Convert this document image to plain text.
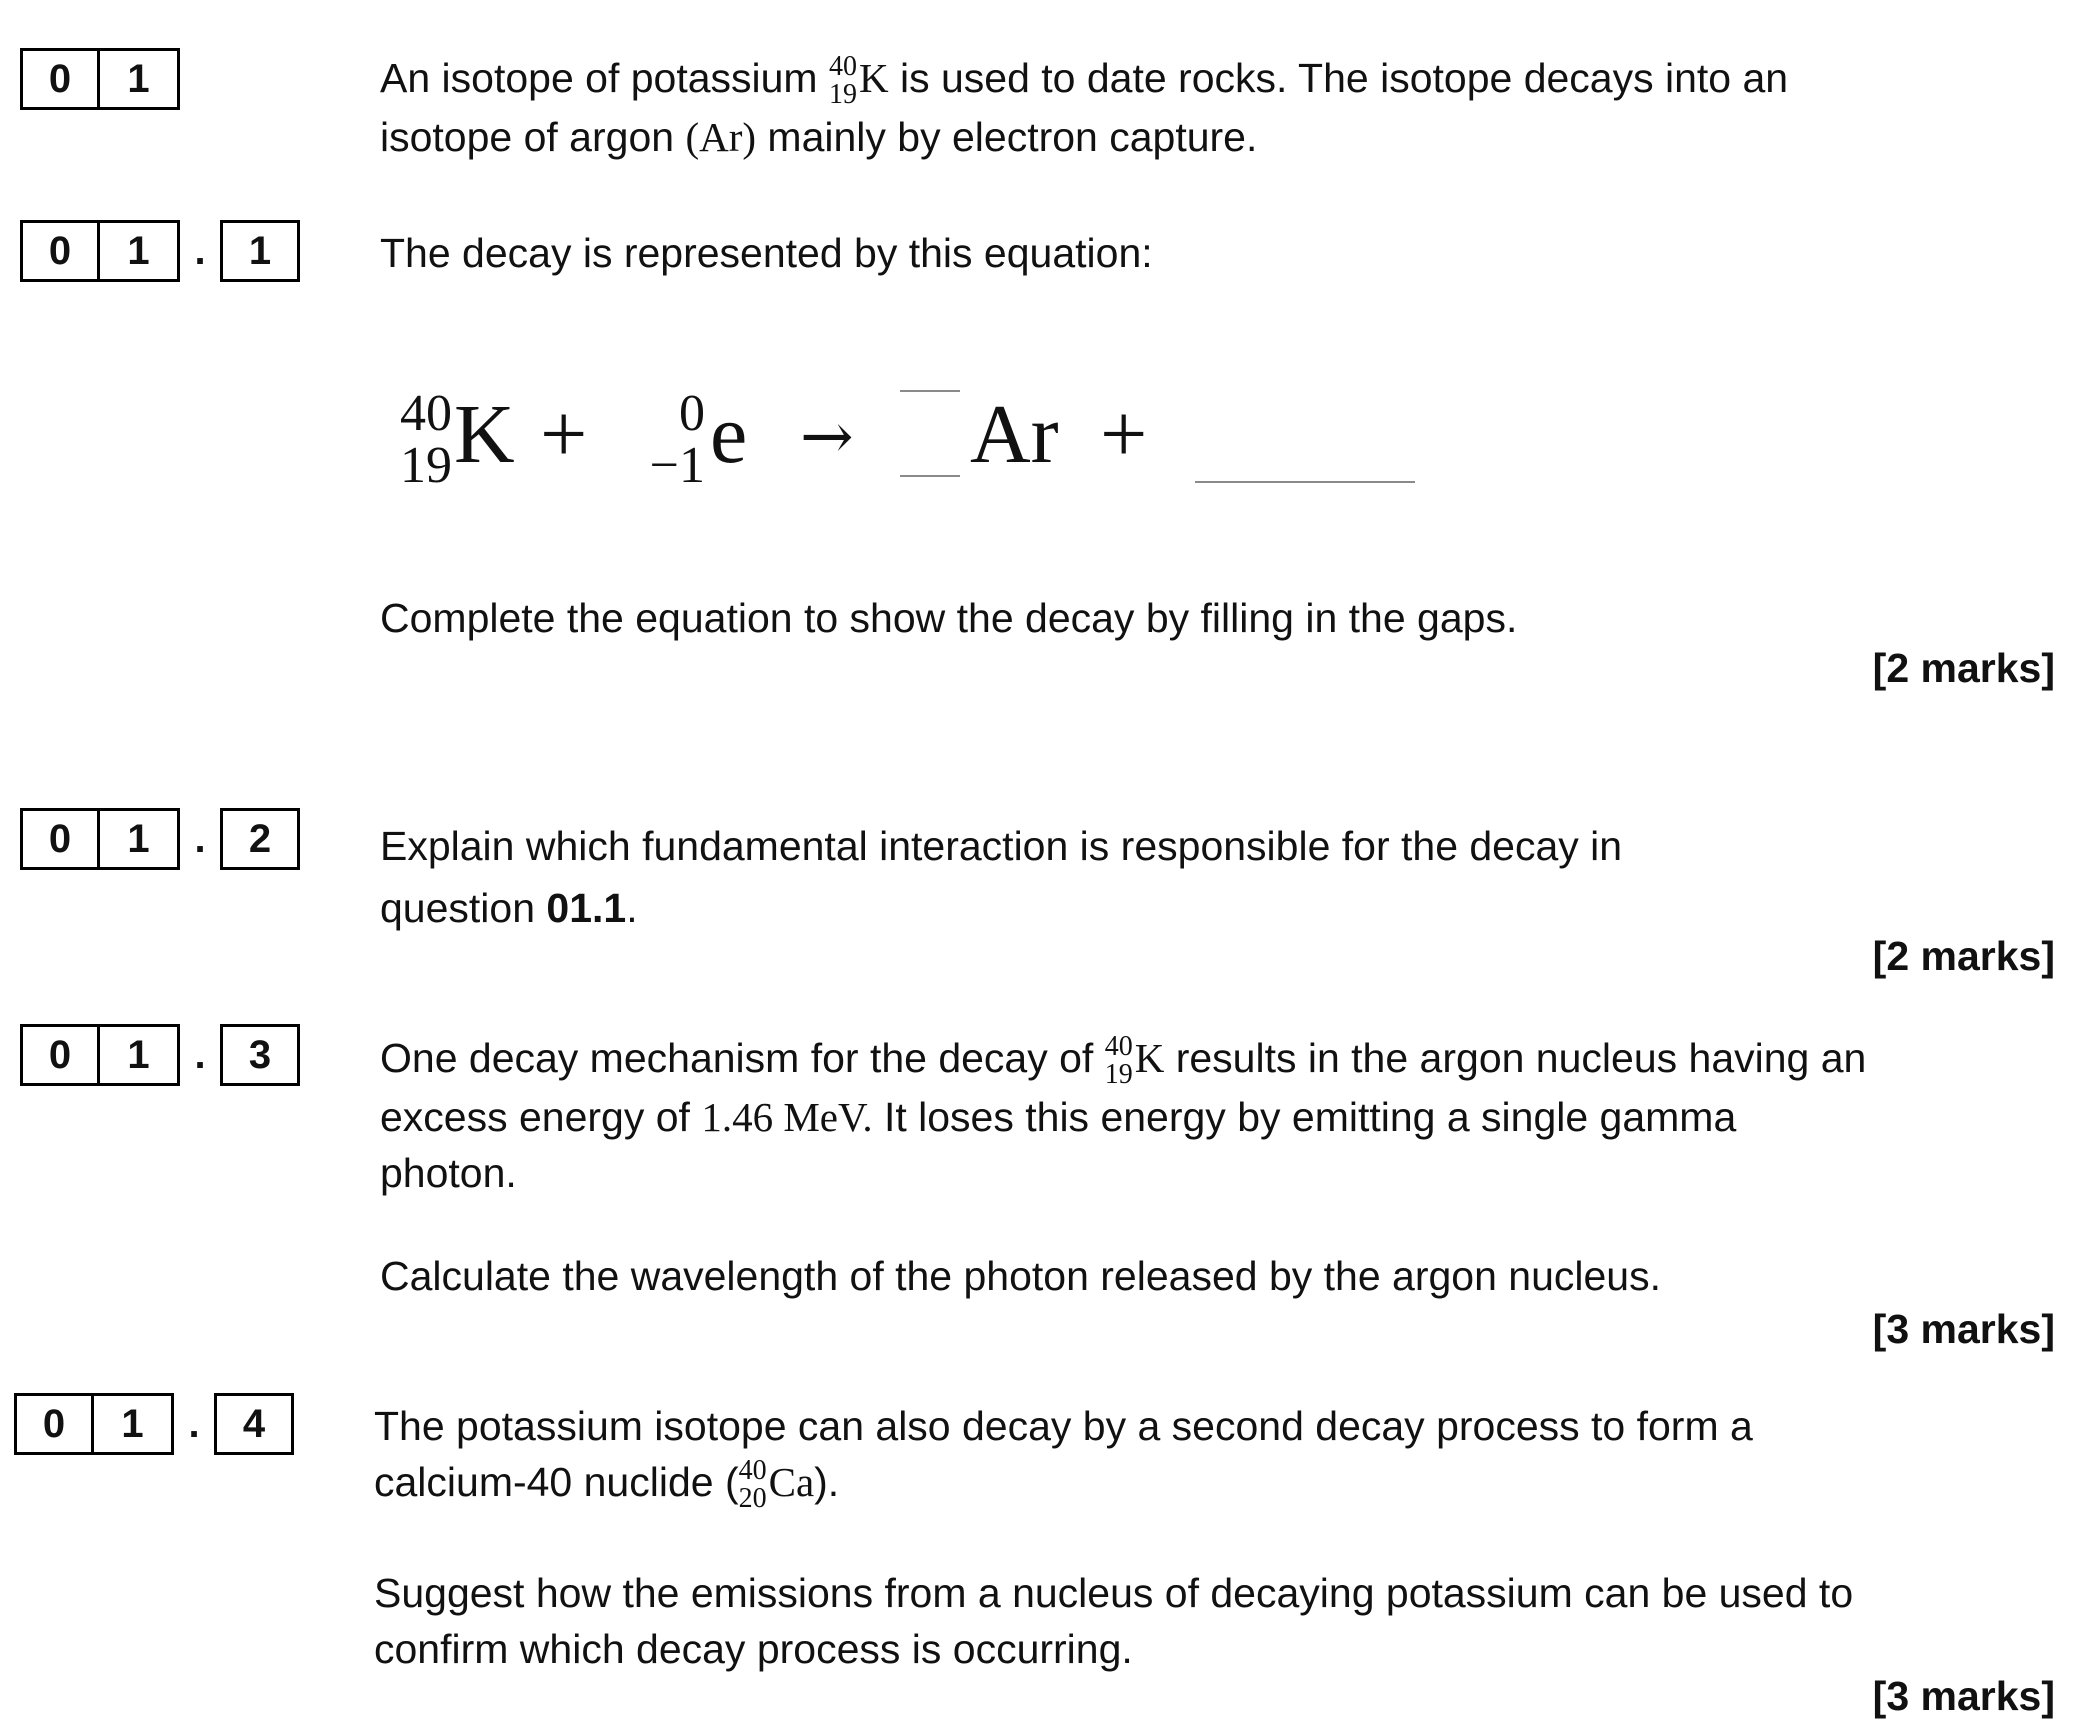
0	1	An isotope of potassium 40
19 K is used to date rocks. The isotope decays into an
isotope of argon (Ar) mainly by electron capture.
0	1	.	1	The decay is represented by this equation:
40
19 K +	0
−1 e → Ar +
Complete the equation to show the decay by filling in the gaps.
[2 marks]
0	1	.	2	Explain which fundamental interaction is responsible for the decay in
question 01.1.
[2 marks]
0	1	.	3	One decay mechanism for the decay of 40
19 K results in the argon nucleus having an
excess energy of 1.46 MeV. It loses this energy by emitting a single gamma
photon.
Calculate the wavelength of the photon released by the argon nucleus.
[3 marks]
0	1	.	4	The potassium isotope can also decay by a second decay process to form a
calcium-40 nuclide ( 40
20 Ca).
Suggest how the emissions from a nucleus of decaying potassium can be used to
confirm which decay process is occurring.
[3 marks]
